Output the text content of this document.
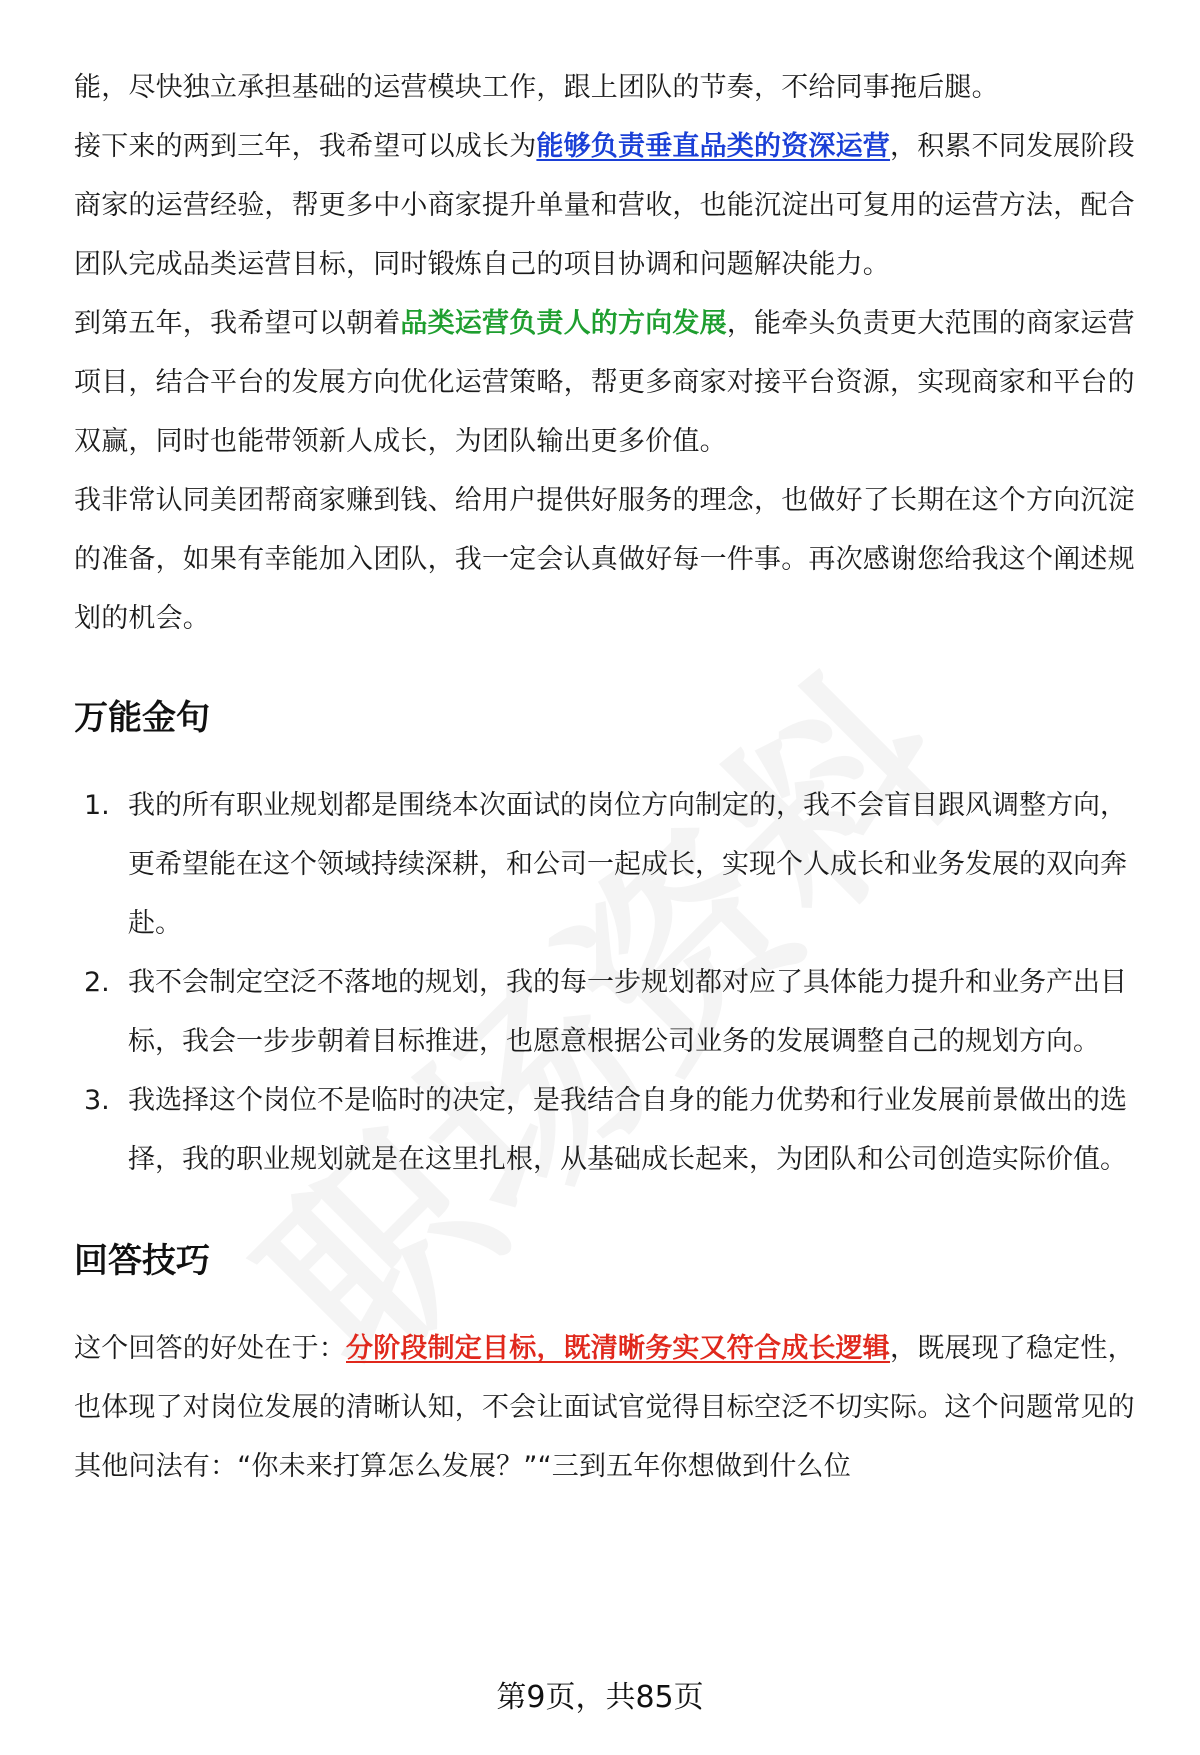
能，尽快独立承担基础的运营模块工作，跟上团队的节奏，不给同事拖后腿。

接下来的两到三年，我希望可以成长为能够负责垂直品类的资深运营，积累不同发展阶段商家的运营经验，帮更多中小商家提升单量和营收，也能沉淀出可复用的运营方法，配合团队完成品类运营目标，同时锻炼自己的项目协调和问题解决能力。

到第五年，我希望可以朝着品类运营负责人的方向发展，能牵头负责更大范围的商家运营项目，结合平台的发展方向优化运营策略，帮更多商家对接平台资源，实现商家和平台的双赢，同时也能带领新人成长，为团队输出更多价值。

我非常认同美团帮商家赚到钱、给用户提供好服务的理念，也做好了长期在这个方向沉淀的准备，如果有幸能加入团队，我一定会认真做好每一件事。再次感谢您给我这个阐述规划的机会。

万能金句
1. 我的所有职业规划都是围绕本次面试的岗位方向制定的，我不会盲目跟风调整方向，更希望能在这个领域持续深耕，和公司一起成长，实现个人成长和业务发展的双向奔赴。
2. 我不会制定空泛不落地的规划，我的每一步规划都对应了具体能力提升和业务产出目标，我会一步步朝着目标推进，也愿意根据公司业务的发展调整自己的规划方向。
3. 我选择这个岗位不是临时的决定，是我结合自身的能力优势和行业发展前景做出的选择，我的职业规划就是在这里扎根，从基础成长起来，为团队和公司创造实际价值。
回答技巧

这个回答的好处在于：分阶段制定目标，既清晰务实又符合成长逻辑，既展现了稳定性，也体现了对岗位发展的清晰认知，不会让面试官觉得目标空泛不切实际。这个问题常见的其他问法有：“你未来打算怎么发展？”“三到五年你想做到什么位

第9页，共85页
